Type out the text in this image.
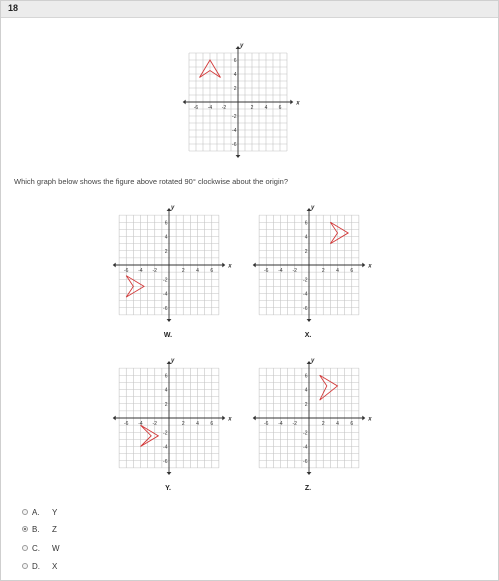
18
x
y
-6 -4 -2	2 4 6
6
4
2
-2
-4
-6
Which graph below shows the figure above rotated 90° clockwise about the origin?
x
y
-6 -4 -2	2 4 6
6
4
2
-2
-4
-6
W.
x
y
-6 -4 -2	2 4 6
6
4
2
-2
-4
-6
X.
x
y
-6 -4 -2	2 4 6
6
4
2
-2
-4
-6
Y.
x
y
-6 -4 -2	2 4 6
6
4
2
-2
-4
-6
Z.
A.	Y
B.	Z
C.	W
D.	X
